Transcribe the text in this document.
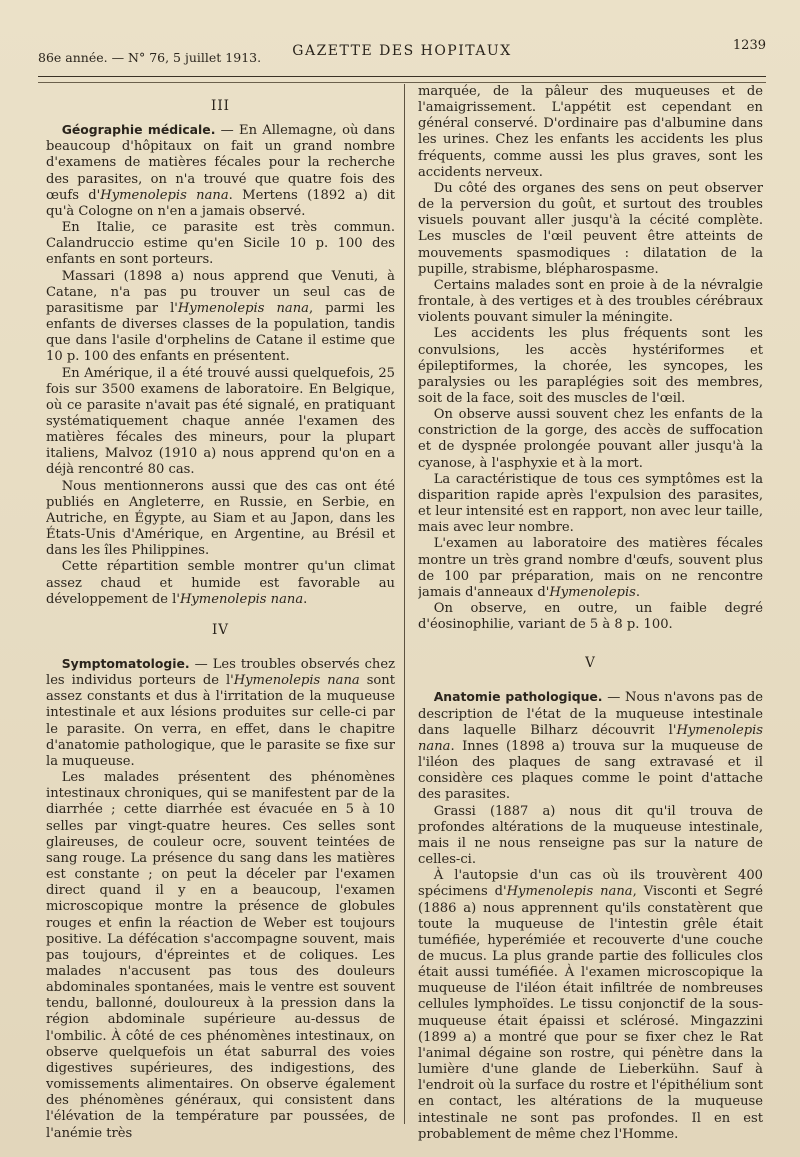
86e année. — N° 76, 5 juillet 1913.	GAZETTE DES HOPITAUX	1239
III

Géographie médicale. — En Allemagne, où dans beaucoup d'hôpitaux on fait un grand nombre d'examens de matières fécales pour la recherche des parasites, on n'a trouvé que quatre fois des œufs d'Hymenolepis nana. Mertens (1892 a) dit qu'à Cologne on n'en a jamais observé.

En Italie, ce parasite est très commun. Calandruccio estime qu'en Sicile 10 p. 100 des enfants en sont porteurs.

Massari (1898 a) nous apprend que Venuti, à Catane, n'a pas pu trouver un seul cas de parasitisme par l'Hymenolepis nana, parmi les enfants de diverses classes de la population, tandis que dans l'asile d'orphelins de Catane il estime que 10 p. 100 des enfants en présentent.

En Amérique, il a été trouvé aussi quelquefois, 25 fois sur 3500 examens de laboratoire. En Belgique, où ce parasite n'avait pas été signalé, en pratiquant systématiquement chaque année l'examen des matières fécales des mineurs, pour la plupart italiens, Malvoz (1910 a) nous apprend qu'on en a déjà rencontré 80 cas.

Nous mentionnerons aussi que des cas ont été publiés en Angleterre, en Russie, en Serbie, en Autriche, en Égypte, au Siam et au Japon, dans les États-Unis d'Amérique, en Argentine, au Brésil et dans les îles Philippines.

Cette répartition semble montrer qu'un climat assez chaud et humide est favorable au développement de l'Hymenolepis nana.

IV

Symptomatologie. — Les troubles observés chez les individus porteurs de l'Hymenolepis nana sont assez constants et dus à l'irritation de la muqueuse intestinale et aux lésions produites sur celle-ci par le parasite. On verra, en effet, dans le chapitre d'anatomie pathologique, que le parasite se fixe sur la muqueuse.

Les malades présentent des phénomènes intestinaux chroniques, qui se manifestent par de la diarrhée ; cette diarrhée est évacuée en 5 à 10 selles par vingt-quatre heures. Ces selles sont glaireuses, de couleur ocre, souvent teintées de sang rouge. La présence du sang dans les matières est constante ; on peut la déceler par l'examen direct quand il y en a beaucoup, l'examen microscopique montre la présence de globules rouges et enfin la réaction de Weber est toujours positive. La défécation s'accompagne souvent, mais pas toujours, d'épreintes et de coliques. Les malades n'accusent pas tous des douleurs abdominales spontanées, mais le ventre est souvent tendu, ballonné, douloureux à la pression dans la région abdominale supérieure au-dessus de l'ombilic. À côté de ces phénomènes intestinaux, on observe quelquefois un état saburral des voies digestives supérieures, des indigestions, des vomissements alimentaires. On observe également des phénomènes généraux, qui consistent dans l'élévation de la température par poussées, de l'anémie très

marquée, de la pâleur des muqueuses et de l'amaigrissement. L'appétit est cependant en général conservé. D'ordinaire pas d'albumine dans les urines. Chez les enfants les accidents les plus fréquents, comme aussi les plus graves, sont les accidents nerveux.

Du côté des organes des sens on peut observer de la perversion du goût, et surtout des troubles visuels pouvant aller jusqu'à la cécité complète. Les muscles de l'œil peuvent être atteints de mouvements spasmodiques : dilatation de la pupille, strabisme, blépharospasme.

Certains malades sont en proie à de la névralgie frontale, à des vertiges et à des troubles cérébraux violents pouvant simuler la méningite.

Les accidents les plus fréquents sont les convulsions, les accès hystériformes et épileptiformes, la chorée, les syncopes, les paralysies ou les paraplégies soit des membres, soit de la face, soit des muscles de l'œil.

On observe aussi souvent chez les enfants de la constriction de la gorge, des accès de suffocation et de dyspnée prolongée pouvant aller jusqu'à la cyanose, à l'asphyxie et à la mort.

La caractéristique de tous ces symptômes est la disparition rapide après l'expulsion des parasites, et leur intensité est en rapport, non avec leur taille, mais avec leur nombre.

L'examen au laboratoire des matières fécales montre un très grand nombre d'œufs, souvent plus de 100 par préparation, mais on ne rencontre jamais d'anneaux d'Hymenolepis.

On observe, en outre, un faible degré d'éosinophilie, variant de 5 à 8 p. 100.

V

Anatomie pathologique. — Nous n'avons pas de description de l'état de la muqueuse intestinale dans laquelle Bilharz découvrit l'Hymenolepis nana. Innes (1898 a) trouva sur la muqueuse de l'iléon des plaques de sang extravasé et il considère ces plaques comme le point d'attache des parasites.

Grassi (1887 a) nous dit qu'il trouva de profondes altérations de la muqueuse intestinale, mais il ne nous renseigne pas sur la nature de celles-ci.

À l'autopsie d'un cas où ils trouvèrent 400 spécimens d'Hymenolepis nana, Visconti et Segré (1886 a) nous apprennent qu'ils constatèrent que toute la muqueuse de l'intestin grêle était tuméfiée, hyperémiée et recouverte d'une couche de mucus. La plus grande partie des follicules clos était aussi tuméfiée. À l'examen microscopique la muqueuse de l'iléon était infiltrée de nombreuses cellules lymphoïdes. Le tissu conjonctif de la sous-muqueuse était épaissi et sclérosé. Mingazzini (1899 a) a montré que pour se fixer chez le Rat l'animal dégaine son rostre, qui pénètre dans la lumière d'une glande de Lieberkühn. Sauf à l'endroit où la surface du rostre et l'épithélium sont en contact, les altérations de la muqueuse intestinale ne sont pas profondes. Il en est probablement de même chez l'Homme.
